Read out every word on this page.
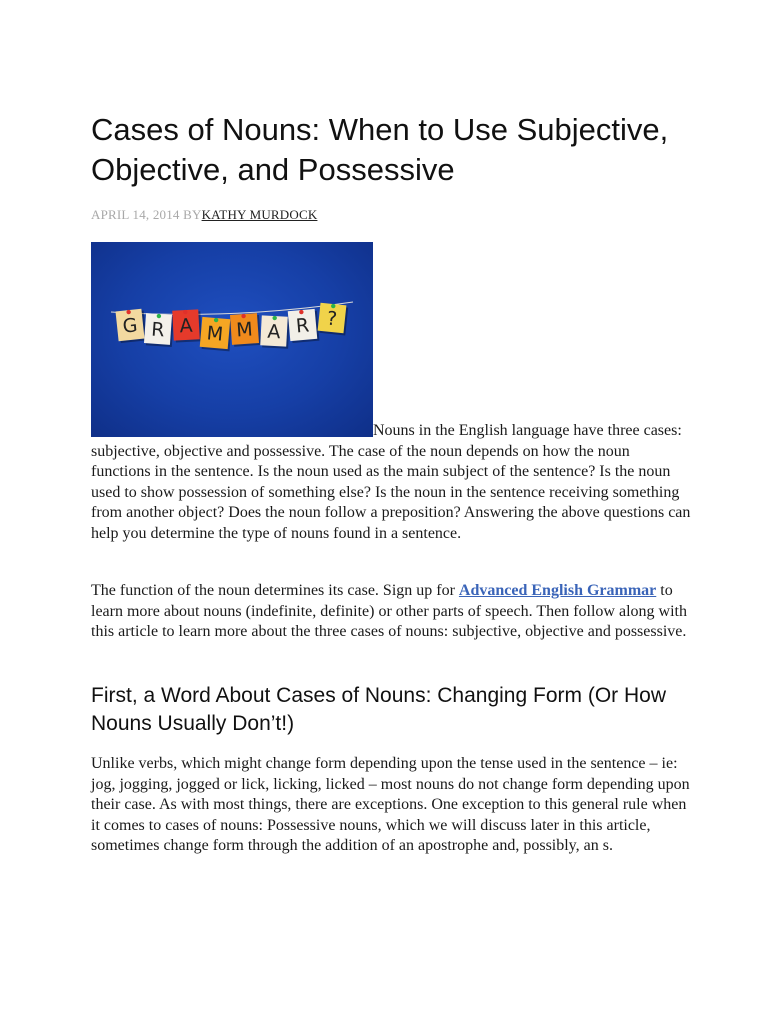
Cases of Nouns: When to Use Subjective, Objective, and Possessive
APRIL 14, 2014 BYKATHY MURDOCK
G R A M M A R ?

Nouns in the English language have three cases: subjective, objective and possessive. The case of the noun depends on how the noun functions in the sentence. Is the noun used as the main subject of the sentence? Is the noun used to show possession of something else? Is the noun in the sentence receiving something from another object? Does the noun follow a preposition? Answering the above questions can help you determine the type of nouns found in a sentence.

The function of the noun determines its case. Sign up for Advanced English Grammar to learn more about nouns (indefinite, definite) or other parts of speech. Then follow along with this article to learn more about the three cases of nouns: subjective, objective and possessive.

First, a Word About Cases of Nouns: Changing Form (Or How Nouns Usually Don’t!)

Unlike verbs, which might change form depending upon the tense used in the sentence – ie: jog, jogging, jogged or lick, licking, licked – most nouns do not change form depending upon their case. As with most things, there are exceptions. One exception to this general rule when it comes to cases of nouns: Possessive nouns, which we will discuss later in this article, sometimes change form through the addition of an apostrophe and, possibly, an s.
